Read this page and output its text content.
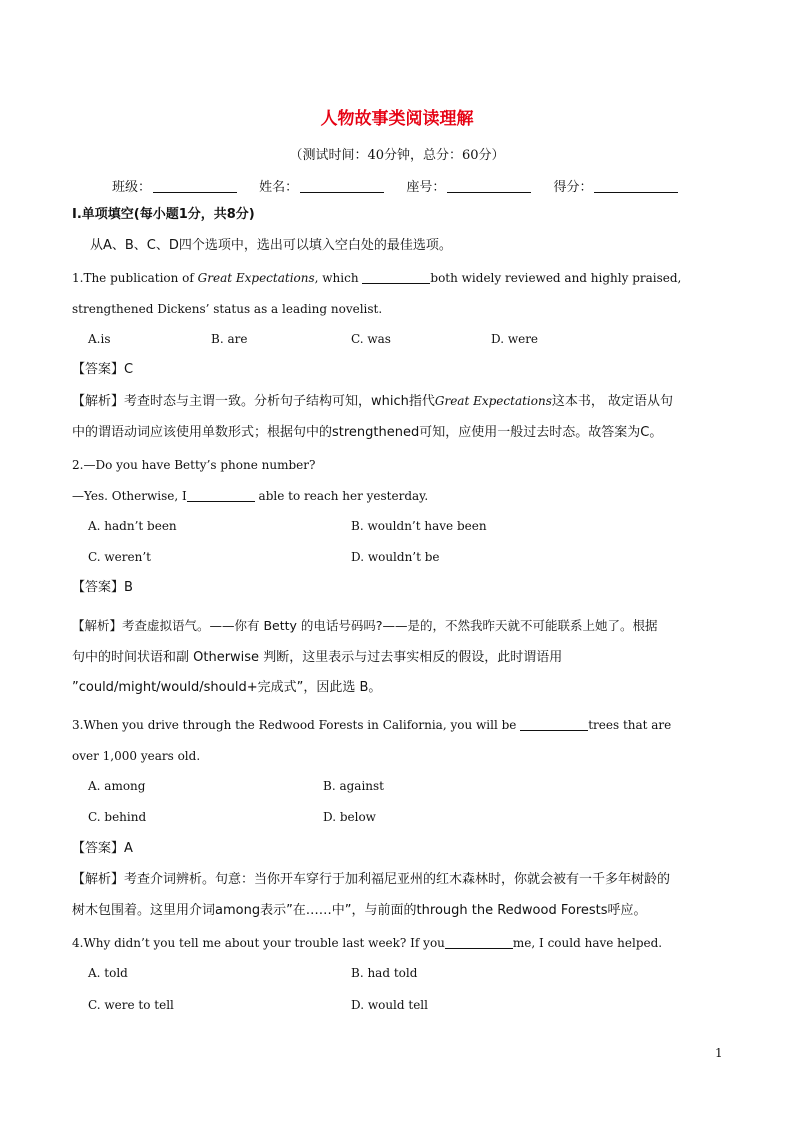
人物故事类阅读理解
（测试时间：40分钟，总分：60分）
班级：	姓名：	座号：	得分：
I.单项填空(每小题1分，共8分)
从A、B、C、D四个选项中，选出可以填入空白处的最佳选项。
1.The publication of Great Expectations, which	both widely reviewed and highly praised,
strengthened Dickens’ status as a leading novelist.
A.is	B. are	C. was	D. were
【答案】C
【解析】考查时态与主谓一致。分析句子结构可知，which指代Great Expectations这本书， 故定语从句
中的谓语动词应该使用单数形式；根据句中的strengthened可知，应使用一般过去时态。故答案为C。
2.—Do you have Betty’s phone number?
—Yes. Otherwise, I	able to reach her yesterday.
A. hadn’t been	B. wouldn’t have been
C. weren’t	D. wouldn’t be
【答案】B
【解析】考查虚拟语气。——你有 Betty 的电话号码吗?——是的，不然我昨天就不可能联系上她了。根据
句中的时间状语和副 Otherwise 判断，这里表示与过去事实相反的假设，此时谓语用
”could/might/would/should+完成式”，因此选 B。
3.When you drive through the Redwood Forests in California, you will be	trees that are
over 1,000 years old.
A. among	B. against
C. behind	D. below
【答案】A
【解析】考查介词辨析。句意：当你开车穿行于加利福尼亚州的红木森林时，你就会被有一千多年树龄的
树木包围着。这里用介词among表示”在……中”，与前面的through the Redwood Forests呼应。
4.Why didn’t you tell me about your trouble last week? If you	me, I could have helped.
A. told	B. had told
C. were to tell	D. would tell
1
